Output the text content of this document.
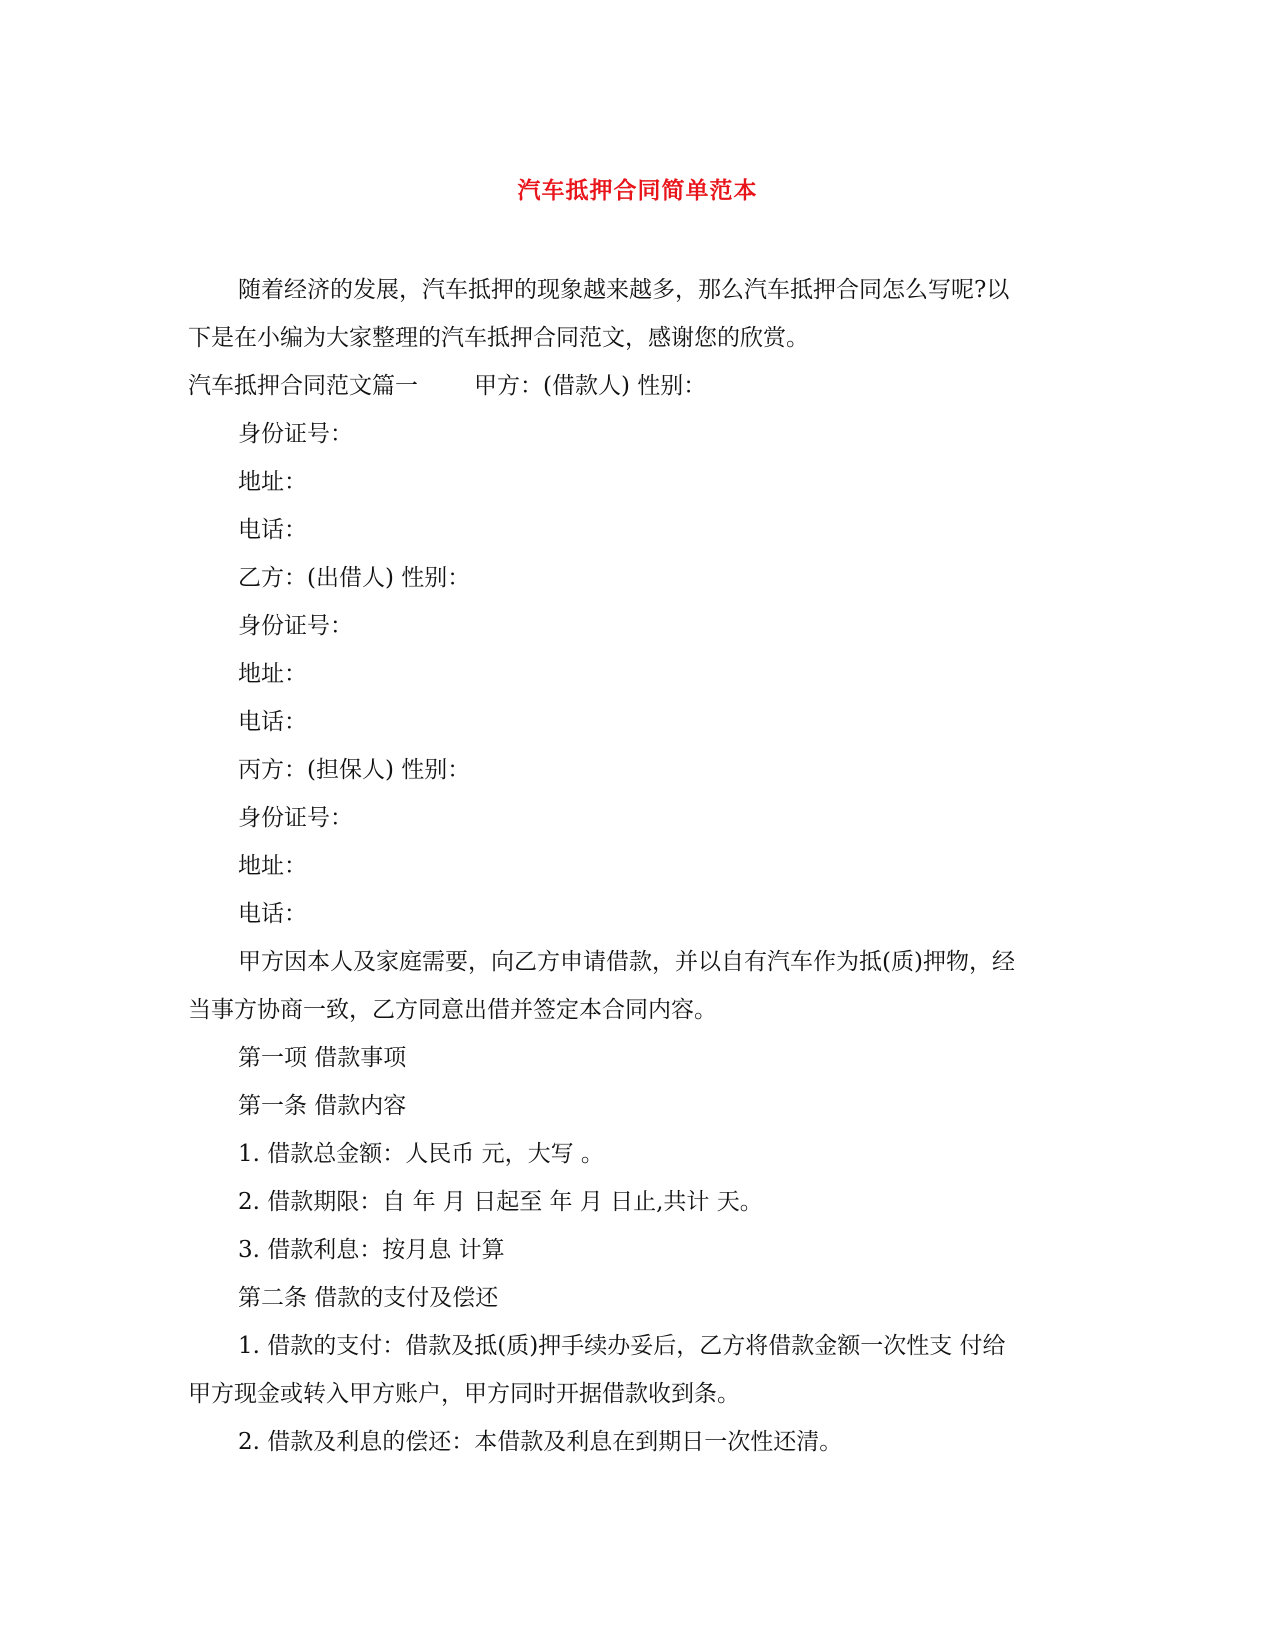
汽车抵押合同简单范本
随着经济的发展，汽车抵押的现象越来越多，那么汽车抵押合同怎么写呢?以
下是在小编为大家整理的汽车抵押合同范文，感谢您的欣赏。
汽车抵押合同范文篇一 甲方：(借款人) 性别：
身份证号：
地址：
电话：
乙方：(出借人) 性别：
身份证号：
地址：
电话：
丙方：(担保人) 性别：
身份证号：
地址：
电话：
甲方因本人及家庭需要，向乙方申请借款，并以自有汽车作为抵(质)押物，经
当事方协商一致，乙方同意出借并签定本合同内容。
第一项 借款事项
第一条 借款内容
1. 借款总金额：人民币 元，大写 。
2. 借款期限：自 年 月 日起至 年 月 日止,共计 天。
3. 借款利息：按月息 计算
第二条 借款的支付及偿还
1. 借款的支付：借款及抵(质)押手续办妥后，乙方将借款金额一次性支 付给
甲方现金或转入甲方账户，甲方同时开据借款收到条。
2. 借款及利息的偿还：本借款及利息在到期日一次性还清。
